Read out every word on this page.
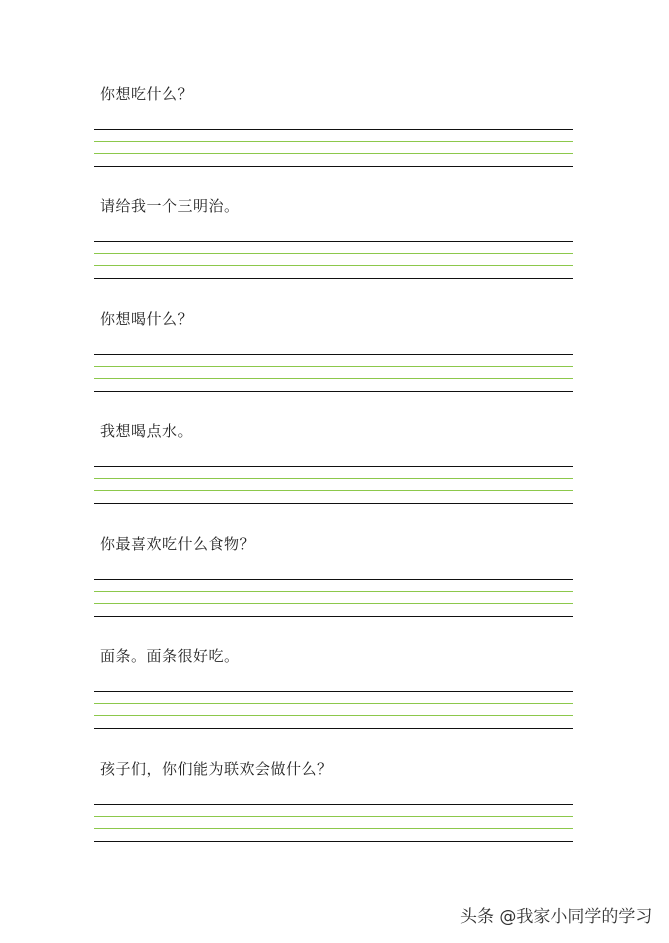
你想吃什么？
请给我一个三明治。
你想喝什么？
我想喝点水。
你最喜欢吃什么食物？
面条。面条很好吃。
孩子们，你们能为联欢会做什么？
头条 @我家小同学的学习
